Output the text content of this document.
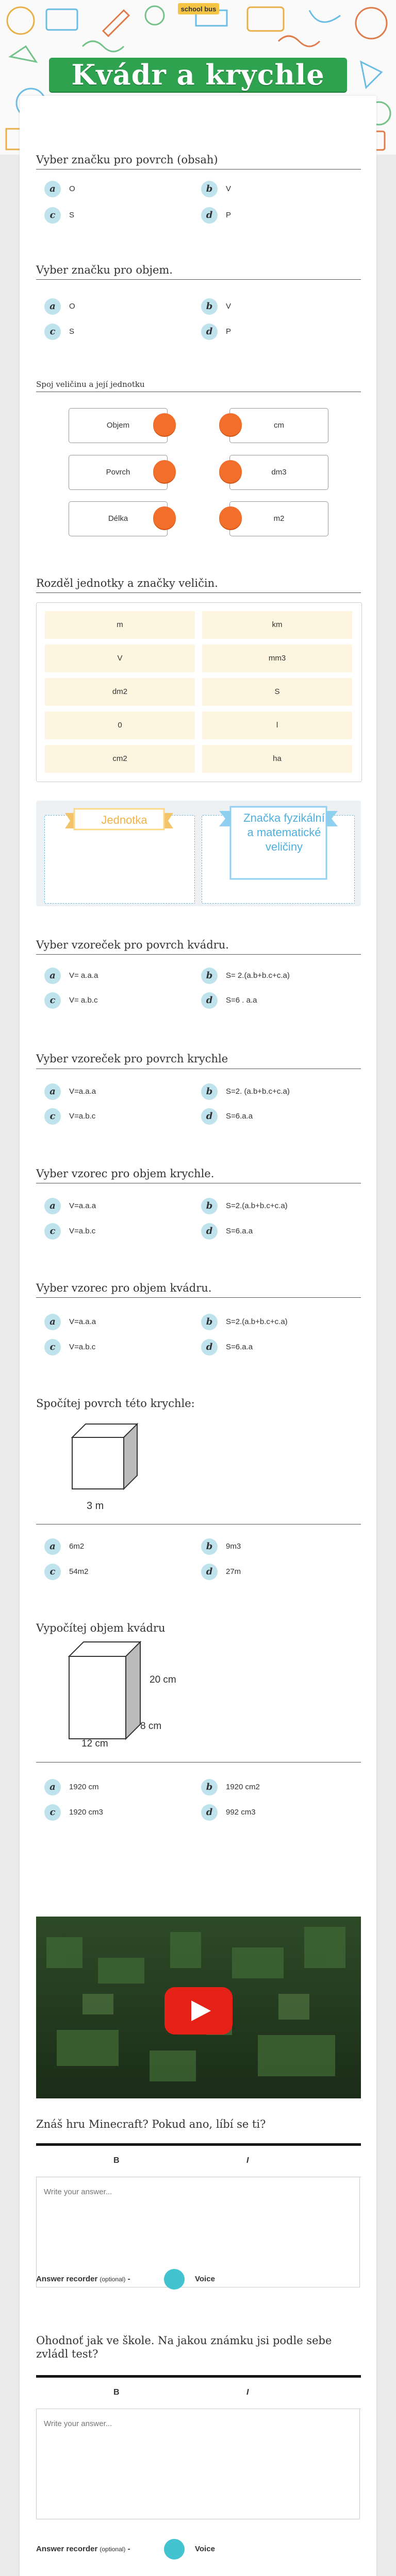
school bus
Kvádr a krychle
Vyber značku pro povrch (obsah)
a	O	b	V
c	S	d	P
Vyber značku pro objem.
a	O	b	V
c	S	d	P
Spoj veličinu a její jednotku
Objem	cm
Povrch	dm3
Délka	m2
Rozděl jednotky a značky veličin.
m	km
V	mm3
dm2	S
0	l
cm2	ha
Jednotka	Značka fyzikální a matematické veličiny
Vyber vzoreček pro povrch kvádru.
a	V= a.a.a	b	S= 2.(a.b+b.c+c.a)
c	V= a.b.c	d	S=6 . a.a
Vyber vzoreček pro povrch krychle
a	V=a.a.a	b	S=2. (a.b+b.c+c.a)
c	V=a.b.c	d	S=6.a.a
Vyber vzorec pro objem krychle.
a	V=a.a.a	b	S=2.(a.b+b.c+c.a)
c	V=a.b.c	d	S=6.a.a
Vyber vzorec pro objem kvádru.
a	V=a.a.a	b	S=2.(a.b+b.c+c.a)
c	V=a.b.c	d	S=6.a.a
Spočítej povrch této krychle:
3 m
a	6m2	b	9m3
c	54m2	d	27m
Vypočítej objem kvádru
20 cm
8 cm
12 cm
a	1920 cm	b	1920 cm2
c	1920 cm3	d	992 cm3
Znáš hru Minecraft? Pokud ano, líbí se ti?
B	I
Write your answer...
Answer recorder (optional) -	Voice
Ohodnoť jak ve škole. Na jakou známku jsi podle sebe zvládl test?
B	I
Write your answer...
Answer recorder (optional) -	Voice
